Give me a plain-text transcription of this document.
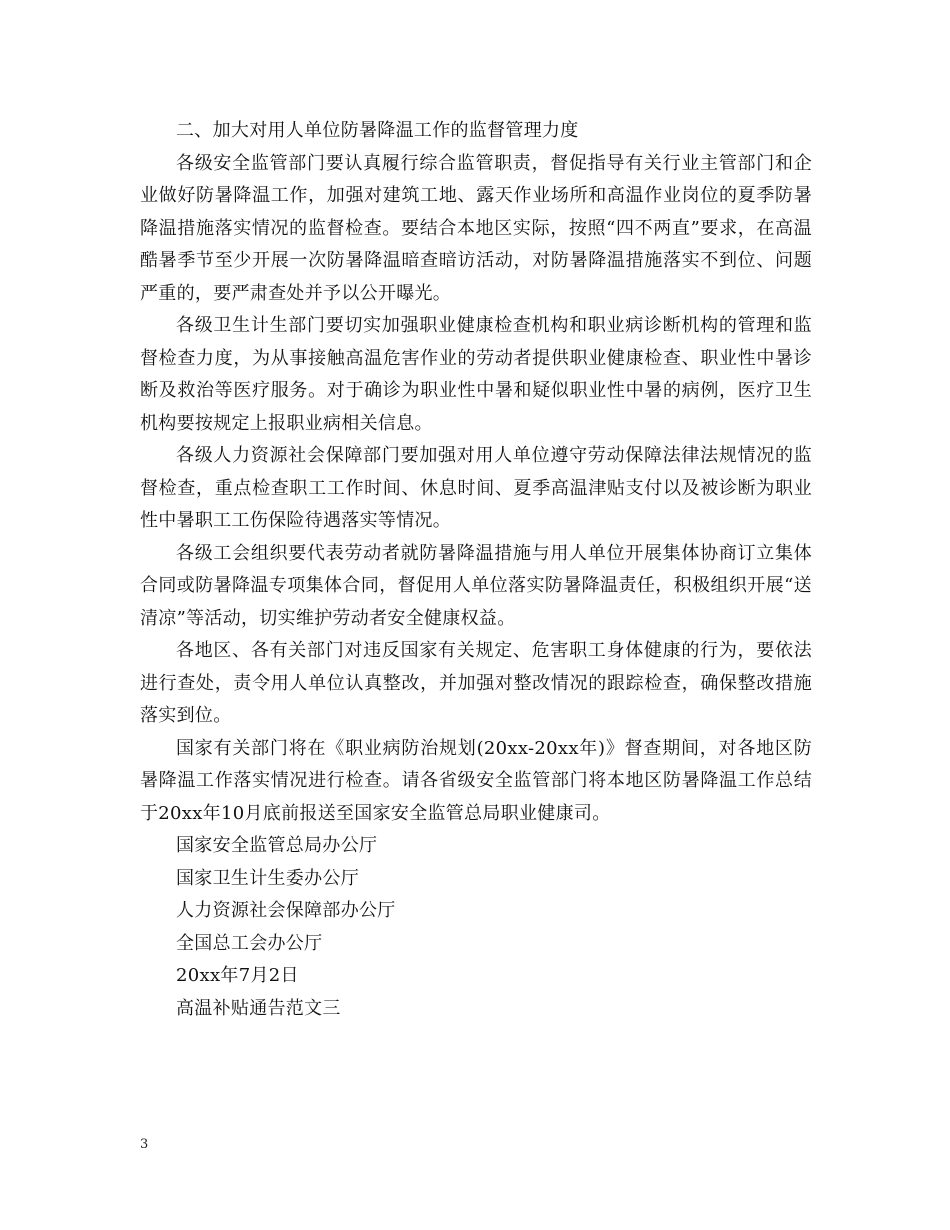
二、加大对用人单位防暑降温工作的监督管理力度

各级安全监管部门要认真履行综合监管职责，督促指导有关行业主管部门和企业做好防暑降温工作，加强对建筑工地、露天作业场所和高温作业岗位的夏季防暑降温措施落实情况的监督检查。要结合本地区实际，按照“四不两直”要求，在高温酷暑季节至少开展一次防暑降温暗查暗访活动，对防暑降温措施落实不到位、问题严重的，要严肃查处并予以公开曝光。

各级卫生计生部门要切实加强职业健康检查机构和职业病诊断机构的管理和监督检查力度，为从事接触高温危害作业的劳动者提供职业健康检查、职业性中暑诊断及救治等医疗服务。对于确诊为职业性中暑和疑似职业性中暑的病例，医疗卫生机构要按规定上报职业病相关信息。

各级人力资源社会保障部门要加强对用人单位遵守劳动保障法律法规情况的监督检查，重点检查职工工作时间、休息时间、夏季高温津贴支付以及被诊断为职业性中暑职工工伤保险待遇落实等情况。

各级工会组织要代表劳动者就防暑降温措施与用人单位开展集体协商订立集体合同或防暑降温专项集体合同，督促用人单位落实防暑降温责任，积极组织开展“送清凉”等活动，切实维护劳动者安全健康权益。

各地区、各有关部门对违反国家有关规定、危害职工身体健康的行为，要依法进行查处，责令用人单位认真整改，并加强对整改情况的跟踪检查，确保整改措施落实到位。

国家有关部门将在《职业病防治规划(20xx-20xx年)》督查期间，对各地区防暑降温工作落实情况进行检查。请各省级安全监管部门将本地区防暑降温工作总结于20xx年10月底前报送至国家安全监管总局职业健康司。

国家安全监管总局办公厅

国家卫生计生委办公厅

人力资源社会保障部办公厅

全国总工会办公厅

20xx年7月2日

高温补贴通告范文三

3
